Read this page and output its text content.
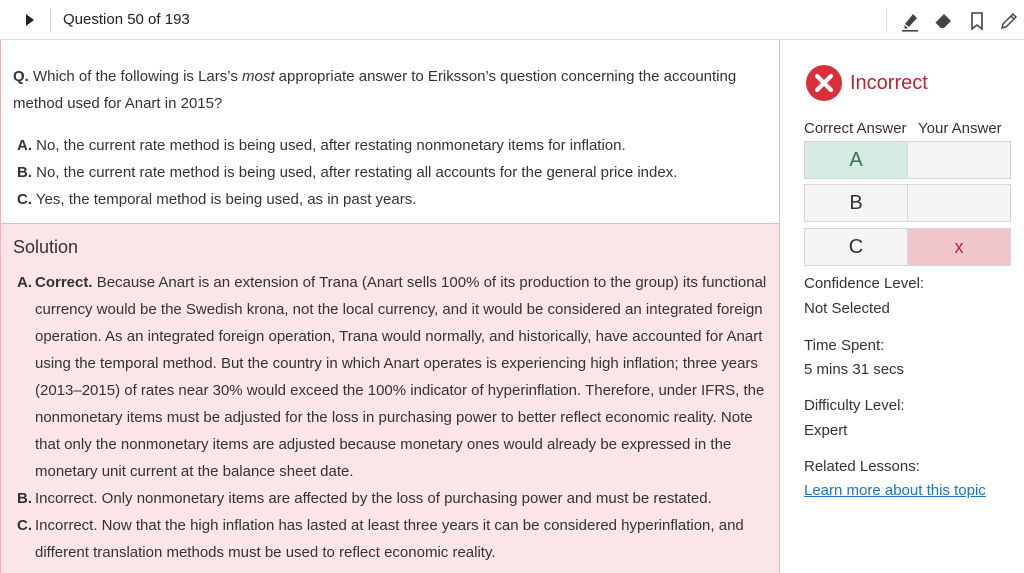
Question 50 of 193
Q. Which of the following is Lars’s most appropriate answer to Eriksson’s question concerning the accounting method used for Anart in 2015?
A. No, the current rate method is being used, after restating nonmonetary items for inflation.
B. No, the current rate method is being used, after restating all accounts for the general price index.
C. Yes, the temporal method is being used, as in past years.
Solution
A. Correct. Because Anart is an extension of Trana (Anart sells 100% of its production to the group) its functional currency would be the Swedish krona, not the local currency, and it would be considered an integrated foreign operation. As an integrated foreign operation, Trana would normally, and historically, have accounted for Anart using the temporal method. But the country in which Anart operates is experiencing high inflation; three years (2013–2015) of rates near 30% would exceed the 100% indicator of hyperinflation. Therefore, under IFRS, the nonmonetary items must be adjusted for the loss in purchasing power to better reflect economic reality. Note that only the nonmonetary items are adjusted because monetary ones would already be expressed in the monetary unit current at the balance sheet date.
B. Incorrect. Only nonmonetary items are affected by the loss of purchasing power and must be restated.
C. Incorrect. Now that the high inflation has lasted at least three years it can be considered hyperinflation, and different translation methods must be used to reflect economic reality.
Incorrect
Correct Answer Your Answer
A
B
C	x
Confidence Level:
Not Selected
Time Spent:
5 mins 31 secs
Difficulty Level:
Expert
Related Lessons:
Learn more about this topic
